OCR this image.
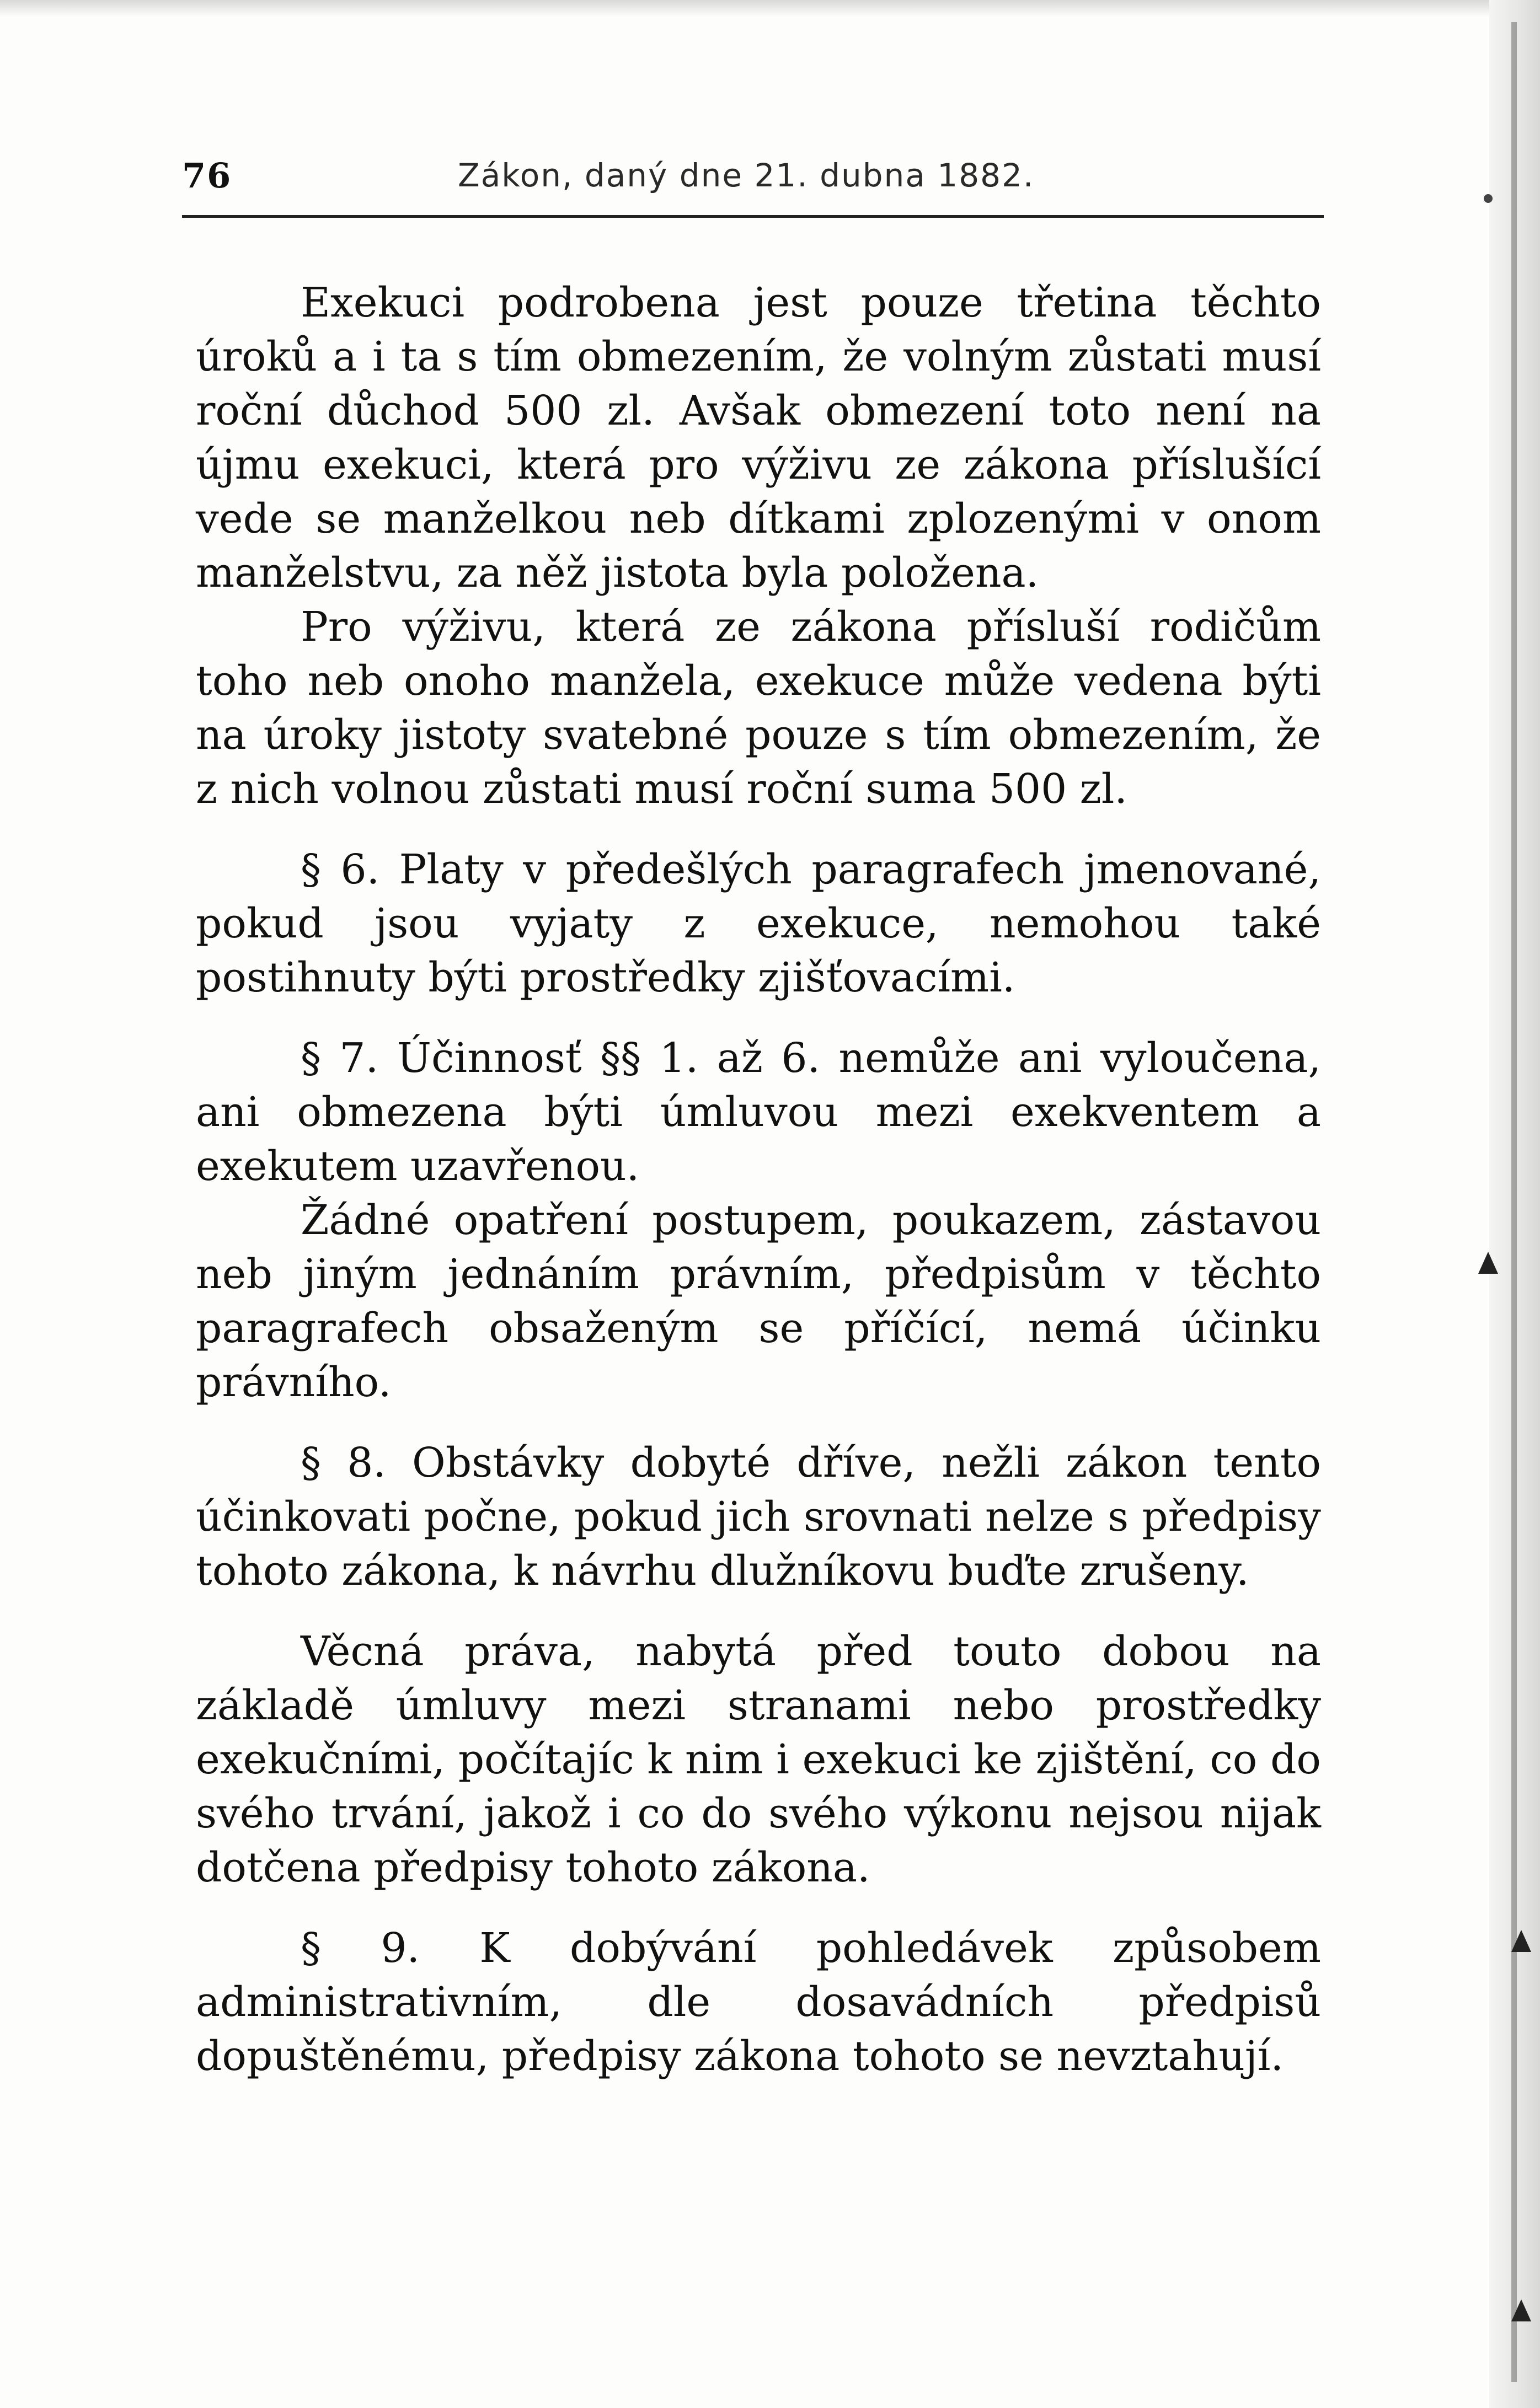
76	Zákon, daný dne 21. dubna 1882.

Exekuci podrobena jest pouze třetina těchto úroků a i ta s tím obmezením, že volným zůstati musí roční důchod 500 zl. Avšak obmezení toto není na újmu exekuci, která pro výživu ze zákona příslušící vede se manželkou neb dítkami zplozenými v onom manželstvu, za něž jistota byla položena.

Pro výživu, která ze zákona přísluší rodičům toho neb onoho manžela, exekuce může vedena býti na úroky jistoty svatebné pouze s tím obmezením, že z nich volnou zůstati musí roční suma 500 zl.

§ 6. Platy v předešlých paragrafech jmenované, pokud jsou vyjaty z exekuce, nemohou také postihnuty býti prostředky zjišťovacími.

§ 7. Účinnosť §§ 1. až 6. nemůže ani vyloučena, ani obmezena býti úmluvou mezi exekventem a exekutem uzavřenou.

Žádné opatření postupem, poukazem, zástavou neb jiným jednáním právním, předpisům v těchto paragrafech obsaženým se příčící, nemá účinku právního.

§ 8. Obstávky dobyté dříve, nežli zákon tento účinkovati počne, pokud jich srovnati nelze s předpisy tohoto zákona, k návrhu dlužníkovu buďte zrušeny.

Věcná práva, nabytá před touto dobou na základě úmluvy mezi stranami nebo prostředky exekučními, počítajíc k nim i exekuci ke zjištění, co do svého trvání, jakož i co do svého výkonu nejsou nijak dotčena předpisy tohoto zákona.

§ 9. K dobývání pohledávek způsobem administrativním, dle dosavádních předpisů dopuštěnému, předpisy zákona tohoto se nevztahují.
